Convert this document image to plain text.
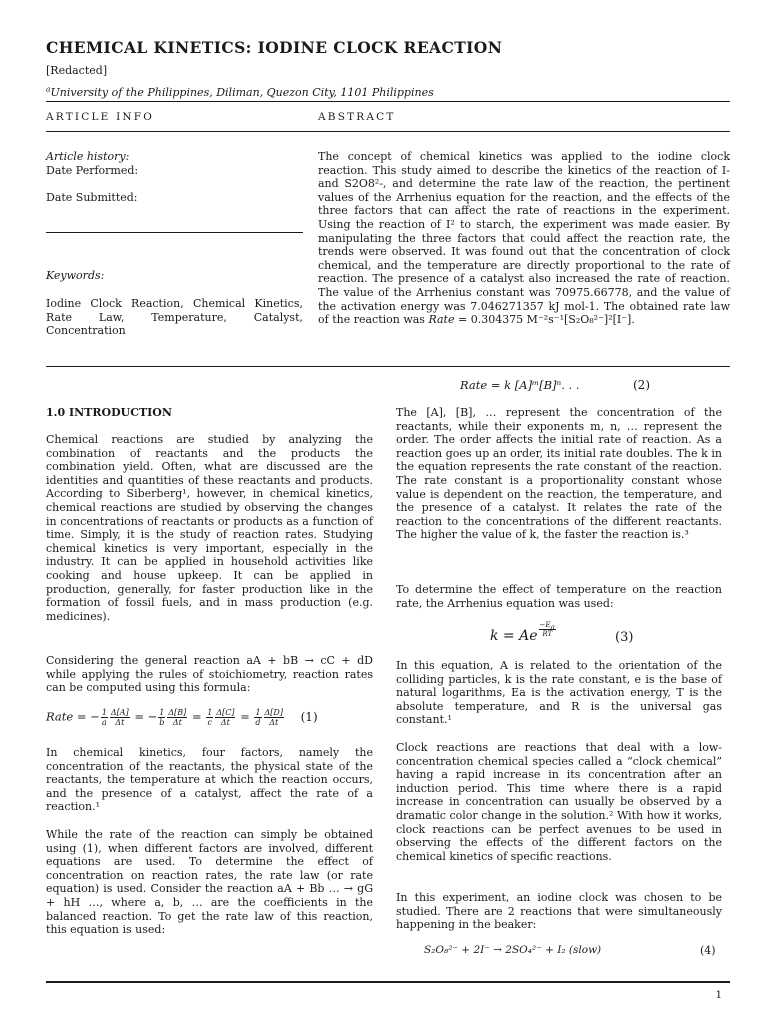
CHEMICAL KINETICS: IODINE CLOCK REACTION
[Redacted]
$^a$University of the Philippines, Diliman, Quezon City, 1101 Philippines
ARTICLE INFO	ABSTRACT
Article history:
Date Performed:
Date Submitted:
Keywords:
Iodine Clock Reaction, Chemical Kinetics, Rate Law, Temperature, Catalyst, Concentration
The concept of chemical kinetics was applied to the iodine clock reaction. This study aimed to describe the kinetics of the reaction of I- and S2O8²-, and determine the rate law of the reaction, the pertinent values of the Arrhenius equation for the reaction, and the effects of the three factors that can affect the rate of reactions in the experiment. Using the reaction of I² to starch, the experiment was made easier. By manipulating the three factors that could affect the reaction rate, the trends were observed. It was found out that the concentration of clock chemical, and the temperature are directly proportional to the rate of reaction. The presence of a catalyst also increased the rate of reaction. The value of the Arrhenius constant was 70975.66778, and the value of the activation energy was 7.046271357 kJ mol-1. The obtained rate law of the reaction was Rate = 0.304375 M⁻²s⁻¹[S₂O₈²⁻]²[I⁻].
1.0 INTRODUCTION
Chemical reactions are studied by analyzing the combination of reactants and the products the combination yield. Often, what are discussed are the identities and quantities of these reactants and products. According to Siberberg¹, however, in chemical kinetics, chemical reactions are studied by observing the changes in concentrations of reactants or products as a function of time. Simply, it is the study of reaction rates. Studying chemical kinetics is very important, especially in the industry. It can be applied in household activities like cooking and house upkeep. It can be applied in production, generally, for faster production like in the formation of fossil fuels, and in mass production (e.g. medicines).
Considering the general reaction aA + bB → cC + dD while applying the rules of stoichiometry, reaction rates can be computed using this formula:
Rate = − $\frac{1}{a} \frac{\Delta[A]}{\Delta t}$ = − $\frac{1}{b} \frac{\Delta[B]}{\Delta t} = \frac{1}{c} \frac{\Delta[C]}{\Delta t} = \frac{1}{d} \frac{\Delta[D]}{\Delta t} (1)$
In chemical kinetics, four factors, namely the concentration of the reactants, the physical state of the reactants, the temperature at which the reaction occurs, and the presence of a catalyst, affect the rate of a reaction.¹
While the rate of the reaction can simply be obtained using (1), when different factors are involved, different equations are used. To determine the effect of concentration on reaction rates, the rate law (or rate equation) is used. Consider the reaction aA + Bb … → gG + hH …, where a, b, … are the coefficients in the balanced reaction. To get the rate law of this reaction, this equation is used:
Rate = k [A]ᵐ[B]ⁿ. . .	(2)
The [A], [B], … represent the concentration of the reactants, while their exponents m, n, … represent the order. The order affects the initial rate of reaction. As a reaction goes up an order, its initial rate doubles. The k in the equation represents the rate constant of the reaction. The rate constant is a proportionality constant whose value is dependent on the reaction, the temperature, and the presence of a catalyst. It relates the rate of the reaction to the concentrations of the different reactants. The higher the value of k, the faster the reaction is.³
To determine the effect of temperature on the reaction rate, the Arrhenius equation was used:
k = Ae $^{\frac{-E_a}{RT}}$	(3)
In this equation, A is related to the orientation of the colliding particles, k is the rate constant, e is the base of natural logarithms, Ea is the activation energy, T is the absolute temperature, and R is the universal gas constant.¹
Clock reactions are reactions that deal with a low-concentration chemical species called a “clock chemical” having a rapid increase in its concentration after an induction period. This time where there is a rapid increase in concentration can usually be observed by a dramatic color change in the solution.² With how it works, clock reactions can be perfect avenues to be used in observing the effects of the different factors on the chemical kinetics of specific reactions.
In this experiment, an iodine clock was chosen to be studied. There are 2 reactions that were simultaneously happening in the beaker:
S₂O₈²⁻ + 2I⁻ → 2SO₄²⁻ + I₂ (slow)	(4)
1
